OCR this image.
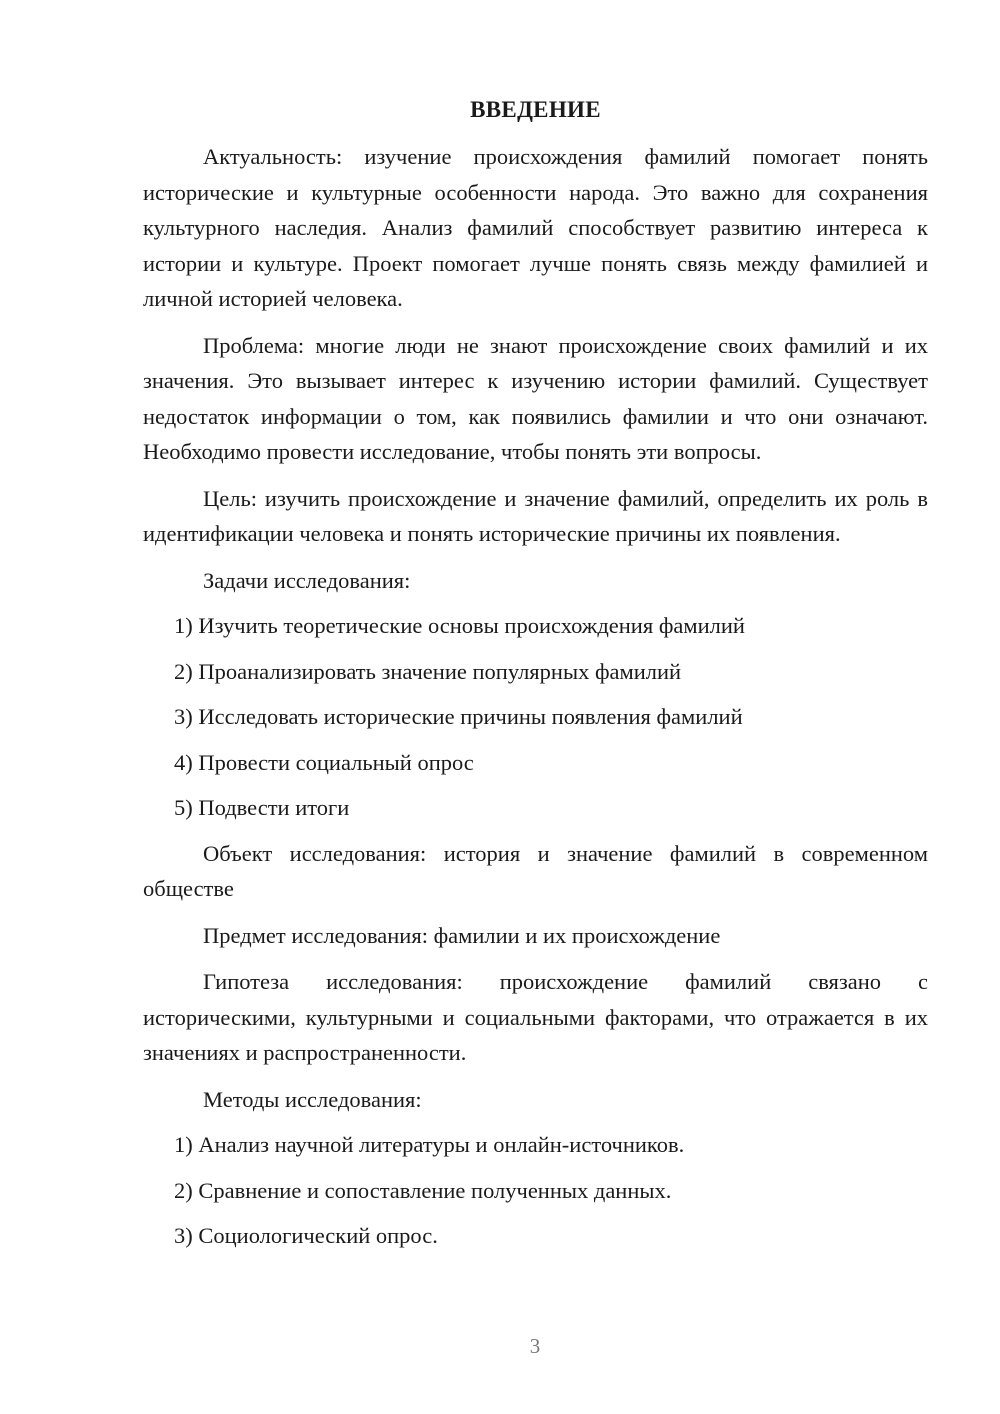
ВВЕДЕНИЕ

Актуальность: изучение происхождения фамилий помогает понять исторические и культурные особенности народа. Это важно для сохранения культурного наследия. Анализ фамилий способствует развитию интереса к истории и культуре. Проект помогает лучше понять связь между фамилией и личной историей человека.

Проблема: многие люди не знают происхождение своих фамилий и их значения. Это вызывает интерес к изучению истории фамилий. Существует недостаток информации о том, как появились фамилии и что они означают. Необходимо провести исследование, чтобы понять эти вопросы.

Цель: изучить происхождение и значение фамилий, определить их роль в идентификации человека и понять исторические причины их появления.

Задачи исследования:

1) Изучить теоретические основы происхождения фамилий

2) Проанализировать значение популярных фамилий

3) Исследовать исторические причины появления фамилий

4) Провести социальный опрос

5) Подвести итоги

Объект исследования: история и значение фамилий в современном обществе

Предмет исследования: фамилии и их происхождение

Гипотеза исследования: происхождение фамилий связано с историческими, культурными и социальными факторами, что отражается в их значениях и распространенности.

Методы исследования:

1) Анализ научной литературы и онлайн-источников.

2) Сравнение и сопоставление полученных данных.

3) Социологический опрос.

3
